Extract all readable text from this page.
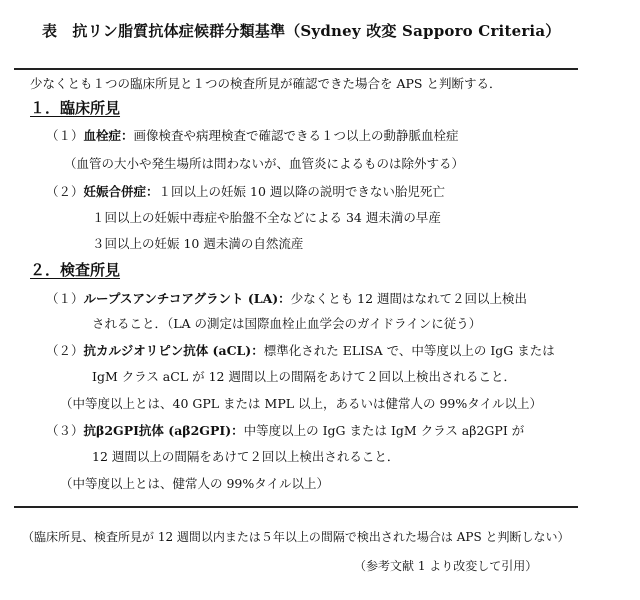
表　抗リン脂質抗体症候群分類基準（Sydney 改変 Sapporo Criteria）
少なくとも１つの臨床所見と１つの検査所見が確認できた場合を APS と判断する．
１．臨床所見
（１）血栓症：画像検査や病理検査で確認できる１つ以上の動静脈血栓症
（血管の大小や発生場所は問わないが、血管炎によるものは除外する）
（２）妊娠合併症：１回以上の妊娠 10 週以降の説明できない胎児死亡
１回以上の妊娠中毒症や胎盤不全などによる 34 週未満の早産
３回以上の妊娠 10 週未満の自然流産
２．検査所見
（１）ループスアンチコアグラント (LA)：少なくとも 12 週間はなれて２回以上検出
されること．（LA の測定は国際血栓止血学会のガイドラインに従う）
（２）抗カルジオリピン抗体 (aCL)：標準化された ELISA で、中等度以上の IgG または
IgM クラス aCL が 12 週間以上の間隔をあけて２回以上検出されること．
（中等度以上とは、40 GPL または MPL 以上，あるいは健常人の 99%タイル以上）
（３）抗β2GPI抗体 (aβ2GPI)：中等度以上の IgG または IgM クラス aβ2GPI が
12 週間以上の間隔をあけて２回以上検出されること．
（中等度以上とは、健常人の 99%タイル以上）
（臨床所見、検査所見が 12 週間以内または５年以上の間隔で検出された場合は APS と判断しない）
（参考文献 1 より改変して引用）
